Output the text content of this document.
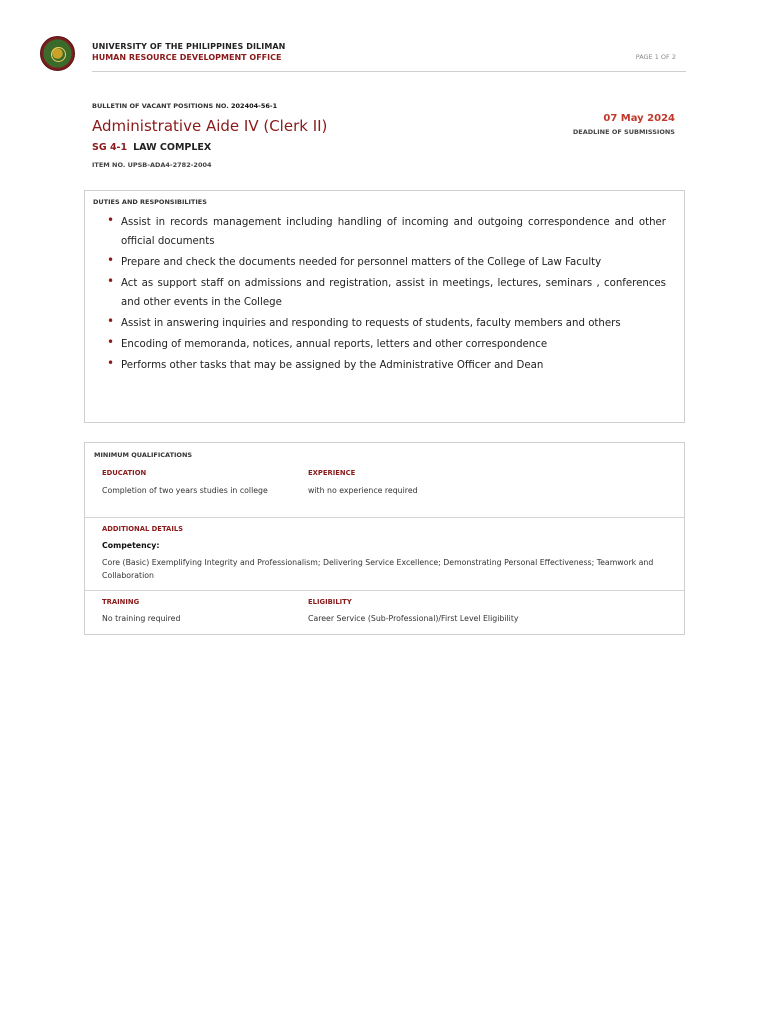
UNIVERSITY OF THE PHILIPPINES DILIMAN
HUMAN RESOURCE DEVELOPMENT OFFICE	PAGE 1 OF 2
BULLETIN OF VACANT POSITIONS NO. 202404-56-1
Administrative Aide IV (Clerk II)
SG 4-1 LAW COMPLEX
ITEM NO. UPSB-ADA4-2782-2004
07 May 2024
DEADLINE OF SUBMISSIONS
DUTIES AND RESPONSIBILITIES
• Assist in records management including handling of incoming and outgoing correspondence and other official documents
• Prepare and check the documents needed for personnel matters of the College of Law Faculty
• Act as support staff on admissions and registration, assist in meetings, lectures, seminars , conferences and other events in the College
• Assist in answering inquiries and responding to requests of students, faculty members and others
• Encoding of memoranda, notices, annual reports, letters and other correspondence
• Performs other tasks that may be assigned by the Administrative Officer and Dean
MINIMUM QUALIFICATIONS
EDUCATION
Completion of two years studies in college
EXPERIENCE
with no experience required
ADDITIONAL DETAILS
Competency:
Core (Basic) Exemplifying Integrity and Professionalism; Delivering Service Excellence; Demonstrating Personal Effectiveness; Teamwork and Collaboration
TRAINING
No training required
ELIGIBILITY
Career Service (Sub-Professional)/First Level Eligibility
